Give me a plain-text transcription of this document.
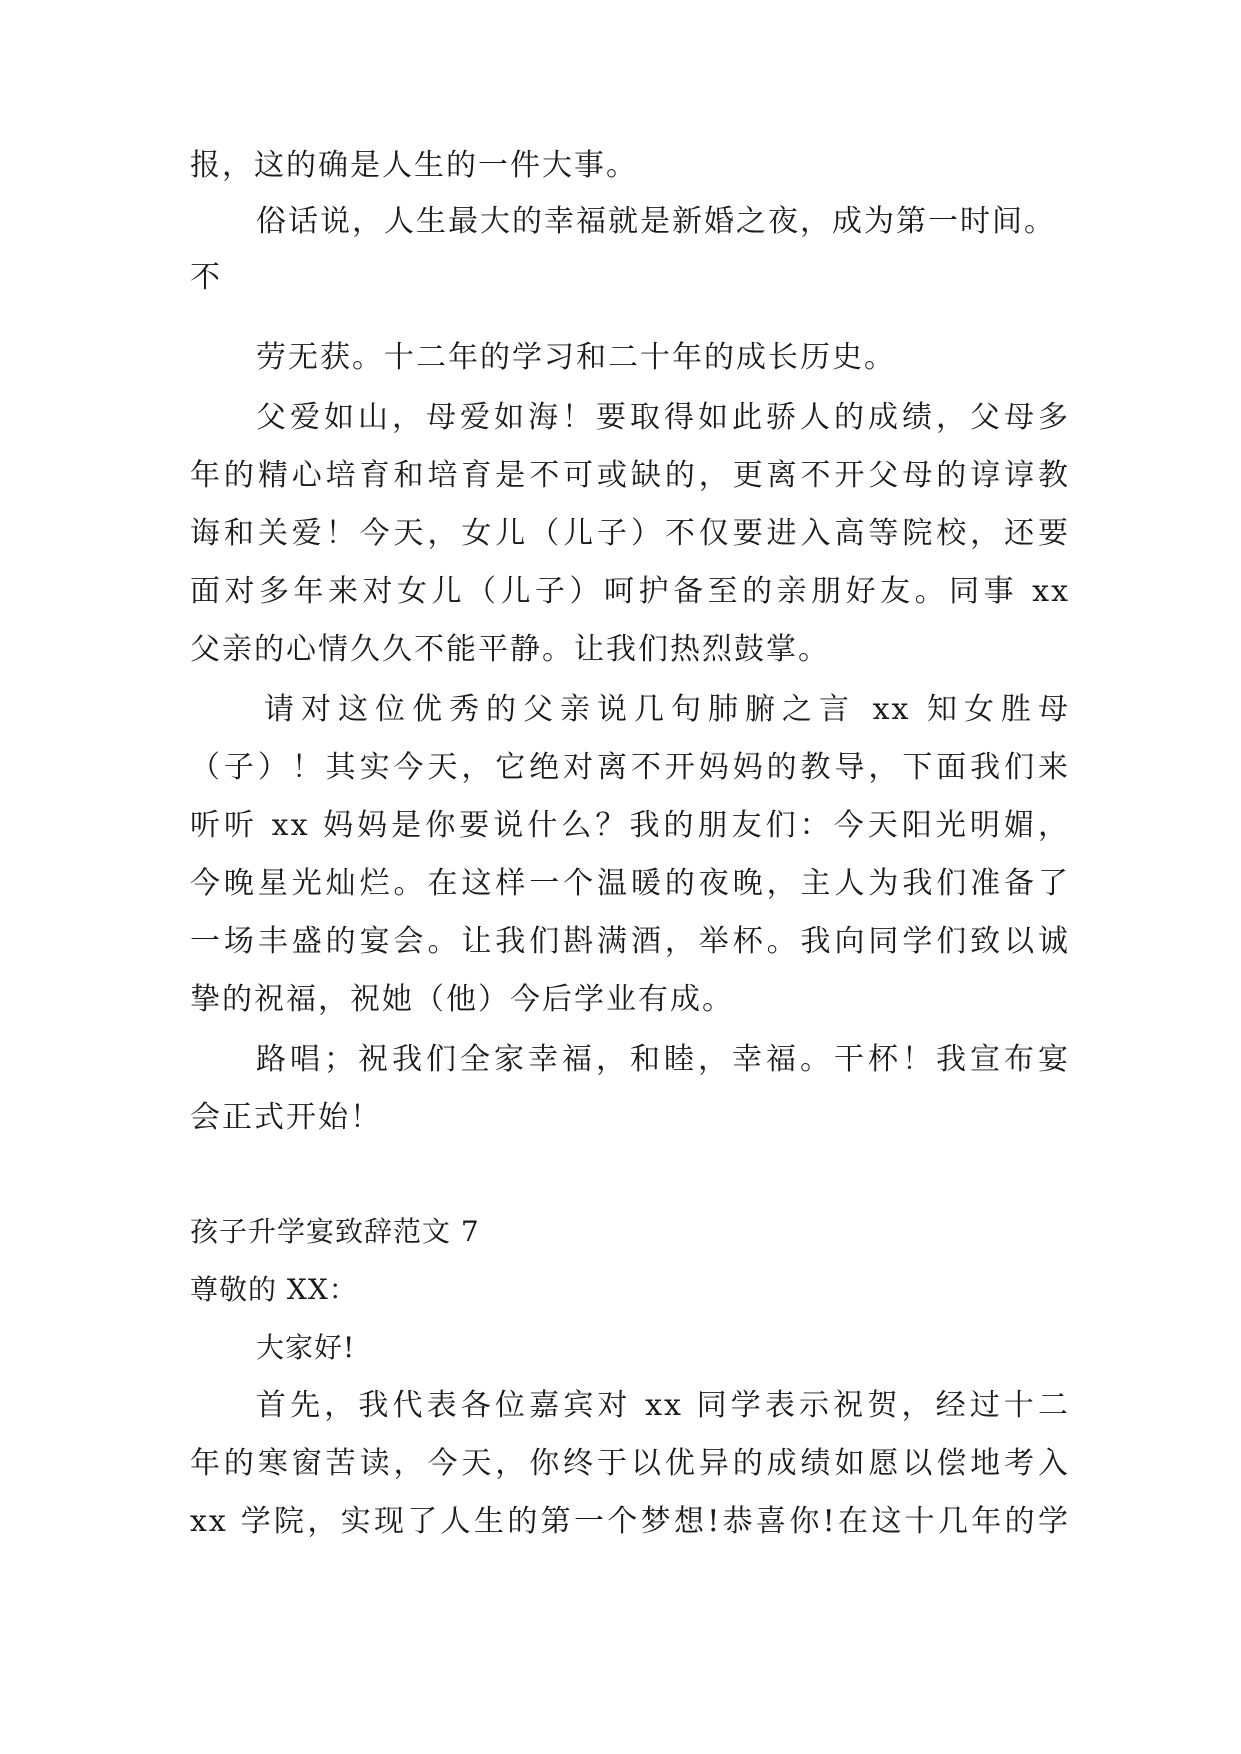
报，这的确是人生的一件大事。
俗话说，人生最大的幸福就是新婚之夜，成为第一时间。
不
劳无获。十二年的学习和二十年的成长历史。
父爱如山，母爱如海！要取得如此骄人的成绩，父母多
年的精心培育和培育是不可或缺的，更离不开父母的谆谆教
诲和关爱！今天，女儿（儿子）不仅要进入高等院校，还要
面对多年来对女儿（儿子）呵护备至的亲朋好友。同事 xx
父亲的心情久久不能平静。让我们热烈鼓掌。
请对这位优秀的父亲说几句肺腑之言 xx 知女胜母
（子）！其实今天，它绝对离不开妈妈的教导，下面我们来
听听 xx 妈妈是你要说什么？我的朋友们：今天阳光明媚，
今晚星光灿烂。在这样一个温暖的夜晚，主人为我们准备了
一场丰盛的宴会。让我们斟满酒，举杯。我向同学们致以诚
挚的祝福，祝她（他）今后学业有成。
路唱；祝我们全家幸福，和睦，幸福。干杯！我宣布宴
会正式开始！
孩子升学宴致辞范文 7
尊敬的 XX：
大家好!
首先，我代表各位嘉宾对 xx 同学表示祝贺，经过十二
年的寒窗苦读，今天，你终于以优异的成绩如愿以偿地考入
xx 学院，实现了人生的第一个梦想!恭喜你!在这十几年的学
